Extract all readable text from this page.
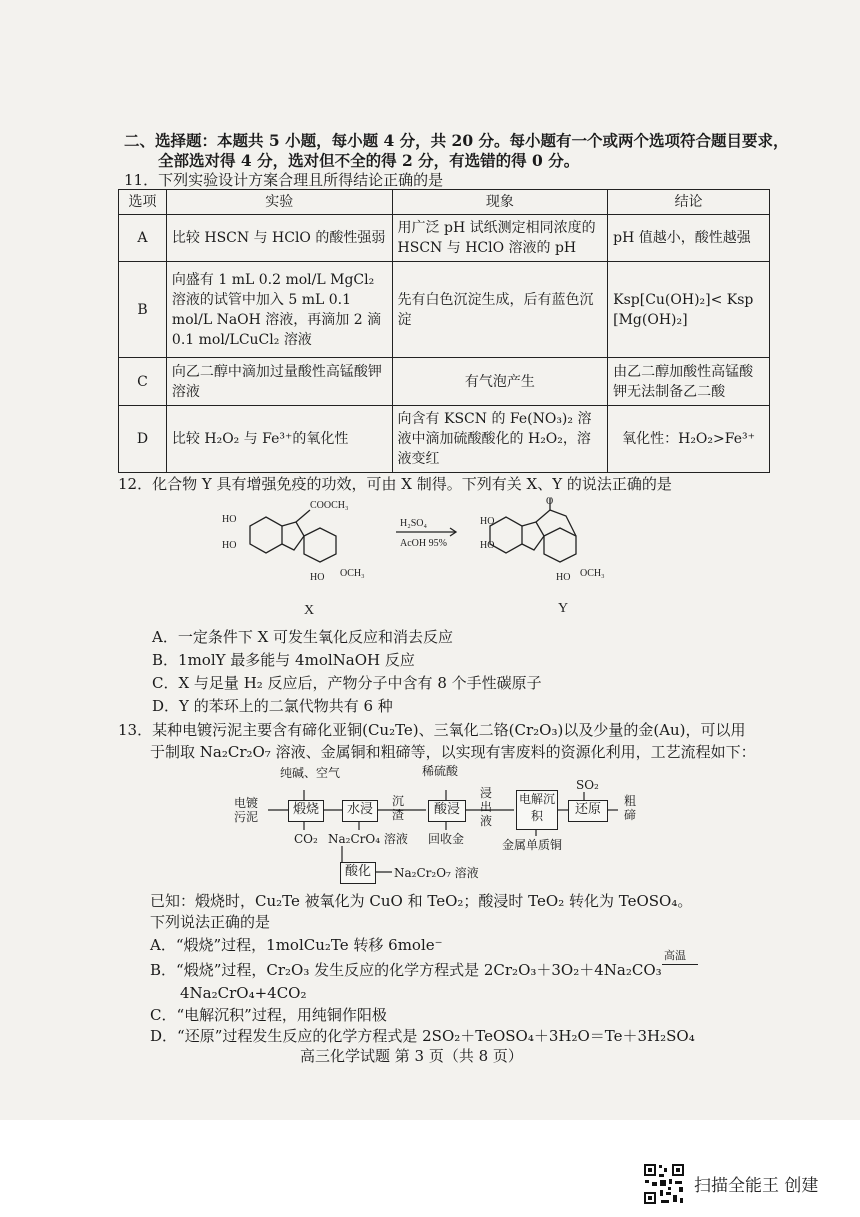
二、选择题：本题共 5 小题，每小题 4 分，共 20 分。每小题有一个或两个选项符合题目要求，
全部选对得 4 分，选对但不全的得 2 分，有选错的得 0 分。
11．下列实验设计方案合理且所得结论正确的是
选项	实验	现象	结论
A	比较 HSCN 与 HClO 的酸性强弱	用广泛 pH 试纸测定相同浓度的 HSCN 与 HClO 溶液的 pH	pH 值越小，酸性越强
B	向盛有 1 mL 0.2 mol/L MgCl₂ 溶液的试管中加入 5 mL 0.1 mol/L NaOH 溶液，再滴加 2 滴 0.1 mol/LCuCl₂ 溶液	先有白色沉淀生成，后有蓝色沉淀	Ksp[Cu(OH)₂]< Ksp [Mg(OH)₂]
C	向乙二醇中滴加过量酸性高锰酸钾溶液	有气泡产生	由乙二醇加酸性高锰酸钾无法制备乙二酸
D	比较 H₂O₂ 与 Fe³⁺的氧化性	向含有 KSCN 的 Fe(NO₃)₂ 溶液中滴加硫酸酸化的 H₂O₂，溶液变红	氧化性：H₂O₂>Fe³⁺
12．化合物 Y 具有增强免疫的功效，可由 X 制得。下列有关 X、Y 的说法正确的是
HO
HO
COOCH₃
HO OCH₃
H₂SO₄
AcOH 95%
HO
HO
O
HO OCH₃
X	Y
A．一定条件下 X 可发生氧化反应和消去反应
B．1molY 最多能与 4molNaOH 反应
C．X 与足量 H₂ 反应后，产物分子中含有 8 个手性碳原子
D．Y 的苯环上的二氯代物共有 6 种
13．某种电镀污泥主要含有碲化亚铜(Cu₂Te)、三氧化二铬(Cr₂O₃)以及少量的金(Au)，可以用
于制取 Na₂Cr₂O₇ 溶液、金属铜和粗碲等，以实现有害废料的资源化利用，工艺流程如下：
纯碱、空气	稀硫酸
SO₂
电镀污泥	煅烧	水浸
沉渣	酸浸
浸出液
电解沉积	还原
粗碲
CO₂ Na₂CrO₄ 溶液 回收金	金属单质铜
酸化	Na₂Cr₂O₇ 溶液
已知：煅烧时，Cu₂Te 被氧化为 CuO 和 TeO₂；酸浸时 TeO₂ 转化为 TeOSO₄。
下列说法正确的是
A．“煅烧”过程，1molCu₂Te 转移 6mole⁻
B．“煅烧”过程，Cr₂O₃ 发生反应的化学方程式是 2Cr₂O₃＋3O₂＋4Na₂CO₃
高温
4Na₂CrO₄+4CO₂
C．“电解沉积”过程，用纯铜作阳极
D．“还原”过程发生反应的化学方程式是 2SO₂＋TeOSO₄＋3H₂O＝Te＋3H₂SO₄
高三化学试题 第 3 页（共 8 页）
扫描全能王 创建
